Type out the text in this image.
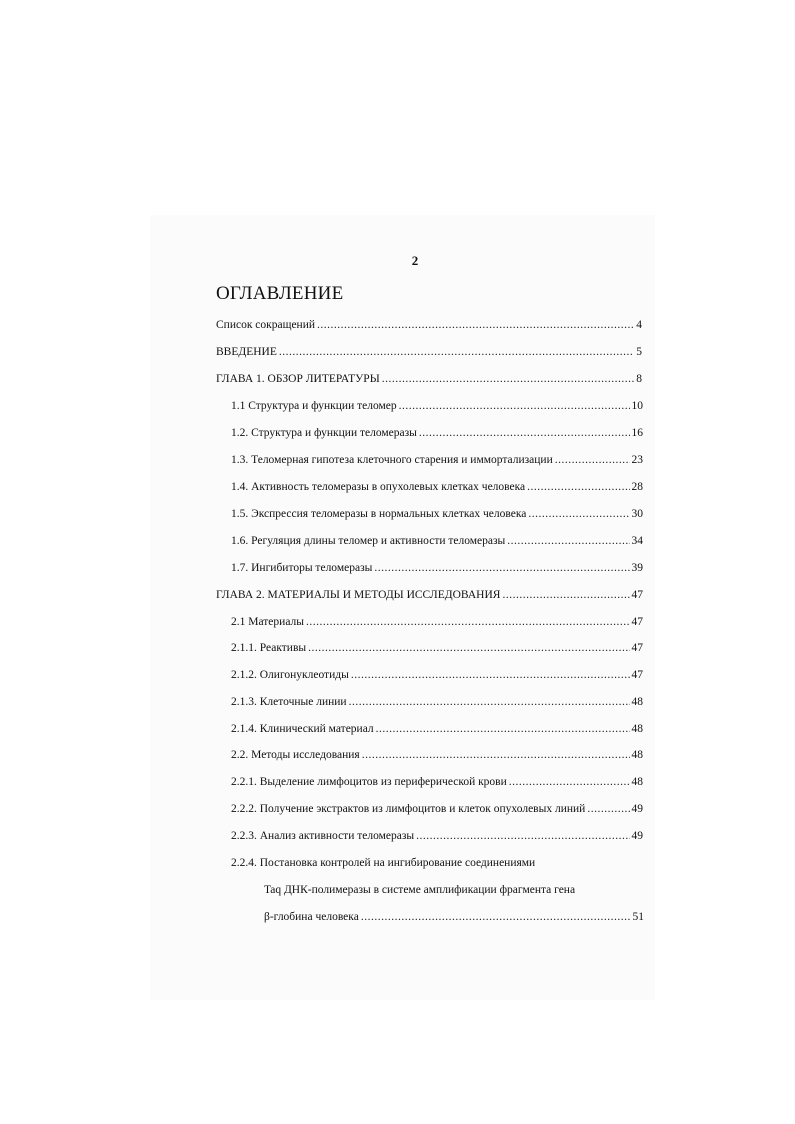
2
ОГЛАВЛЕНИЕ
Список сокращений .....	4
ВВЕДЕНИЕ .....	5
ГЛАВА 1. ОБЗОР ЛИТЕРАТУРЫ .....	8
1.1 Структура и функции теломер .....	10
1.2. Структура и функции теломеразы .....	16
1.3. Теломерная гипотеза клеточного старения и иммортализации .....	23
1.4. Активность теломеразы в опухолевых клетках человека .....	28
1.5. Экспрессия теломеразы в нормальных клетках человека .....	30
1.6. Регуляция длины теломер и активности теломеразы .....	34
1.7. Ингибиторы теломеразы .....	39
ГЛАВА 2. МАТЕРИАЛЫ И МЕТОДЫ ИССЛЕДОВАНИЯ .....	47
2.1 Материалы .....	47
2.1.1. Реактивы .....	47
2.1.2. Олигонуклеотиды .....	47
2.1.3. Клеточные линии .....	48
2.1.4. Клинический материал .....	48
2.2. Методы исследования .....	48
2.2.1. Выделение лимфоцитов из периферической крови .....	48
2.2.2. Получение экстрактов из лимфоцитов и клеток опухолевых линий .....	49
2.2.3. Анализ активности теломеразы .....	49
2.2.4. Постановка контролей на ингибирование соединениями
Taq ДНК-полимеразы в системе амплификации фрагмента гена
β-глобина человека .....	51
